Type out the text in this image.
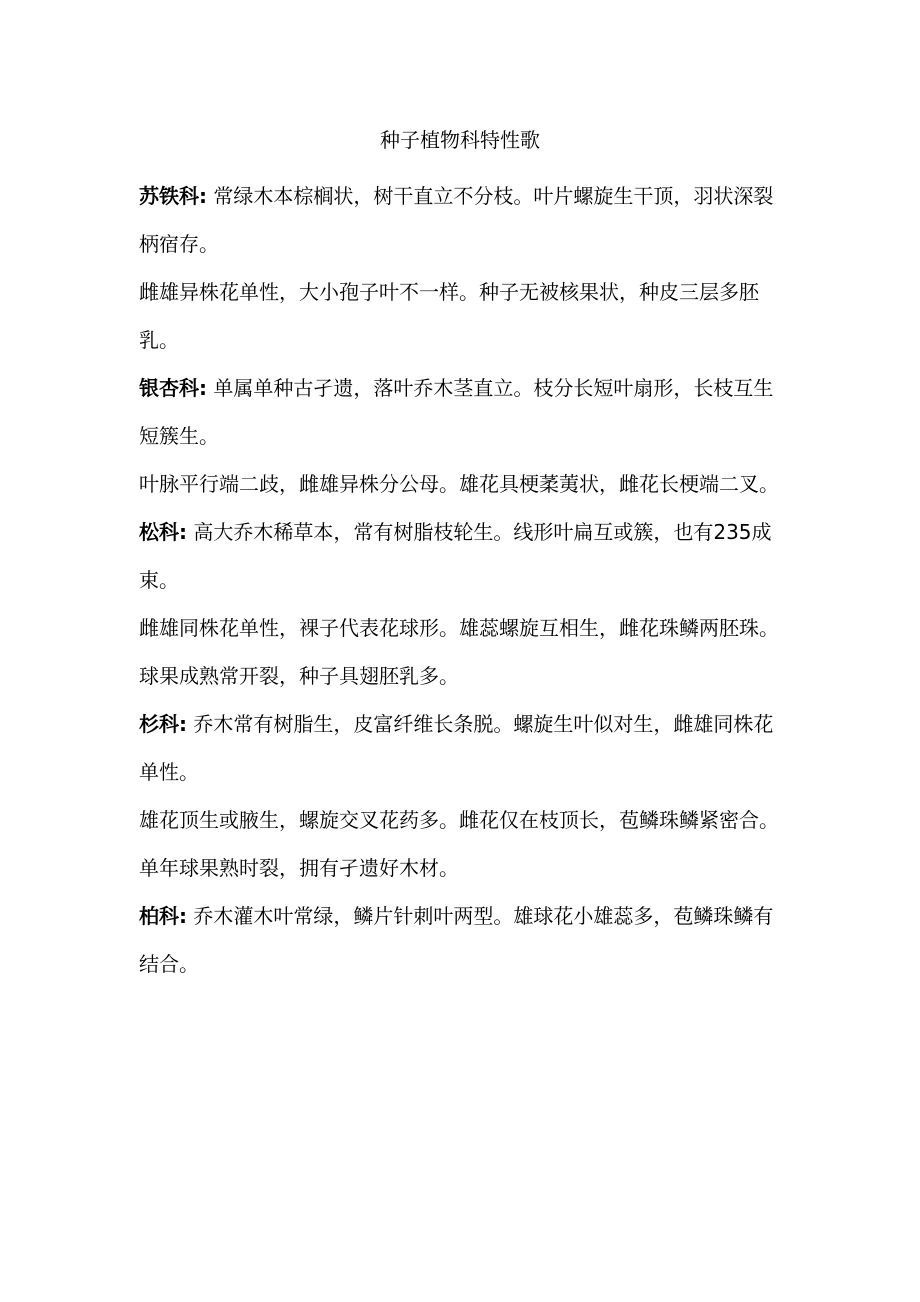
种子植物科特性歌

苏铁科: 常绿木本棕榈状，树干直立不分枝。叶片螺旋生干顶，羽状深裂柄宿存。

雌雄异株花单性，大小孢子叶不一样。种子无被核果状，种皮三层多胚乳。

银杏科: 单属单种古孑遗，落叶乔木茎直立。枝分长短叶扇形，长枝互生短簇生。

叶脉平行端二歧，雌雄异株分公母。雄花具梗葇荑状，雌花长梗端二叉。

松科: 高大乔木稀草本，常有树脂枝轮生。线形叶扁互或簇，也有235成束。

雌雄同株花单性，裸子代表花球形。雄蕊螺旋互相生，雌花珠鳞两胚珠。

球果成熟常开裂，种子具翅胚乳多。

杉科: 乔木常有树脂生，皮富纤维长条脱。螺旋生叶似对生，雌雄同株花单性。

雄花顶生或腋生，螺旋交叉花药多。雌花仅在枝顶长，苞鳞珠鳞紧密合。

单年球果熟时裂，拥有孑遗好木材。

柏科: 乔木灌木叶常绿，鳞片针刺叶两型。雄球花小雄蕊多，苞鳞珠鳞有结合。
